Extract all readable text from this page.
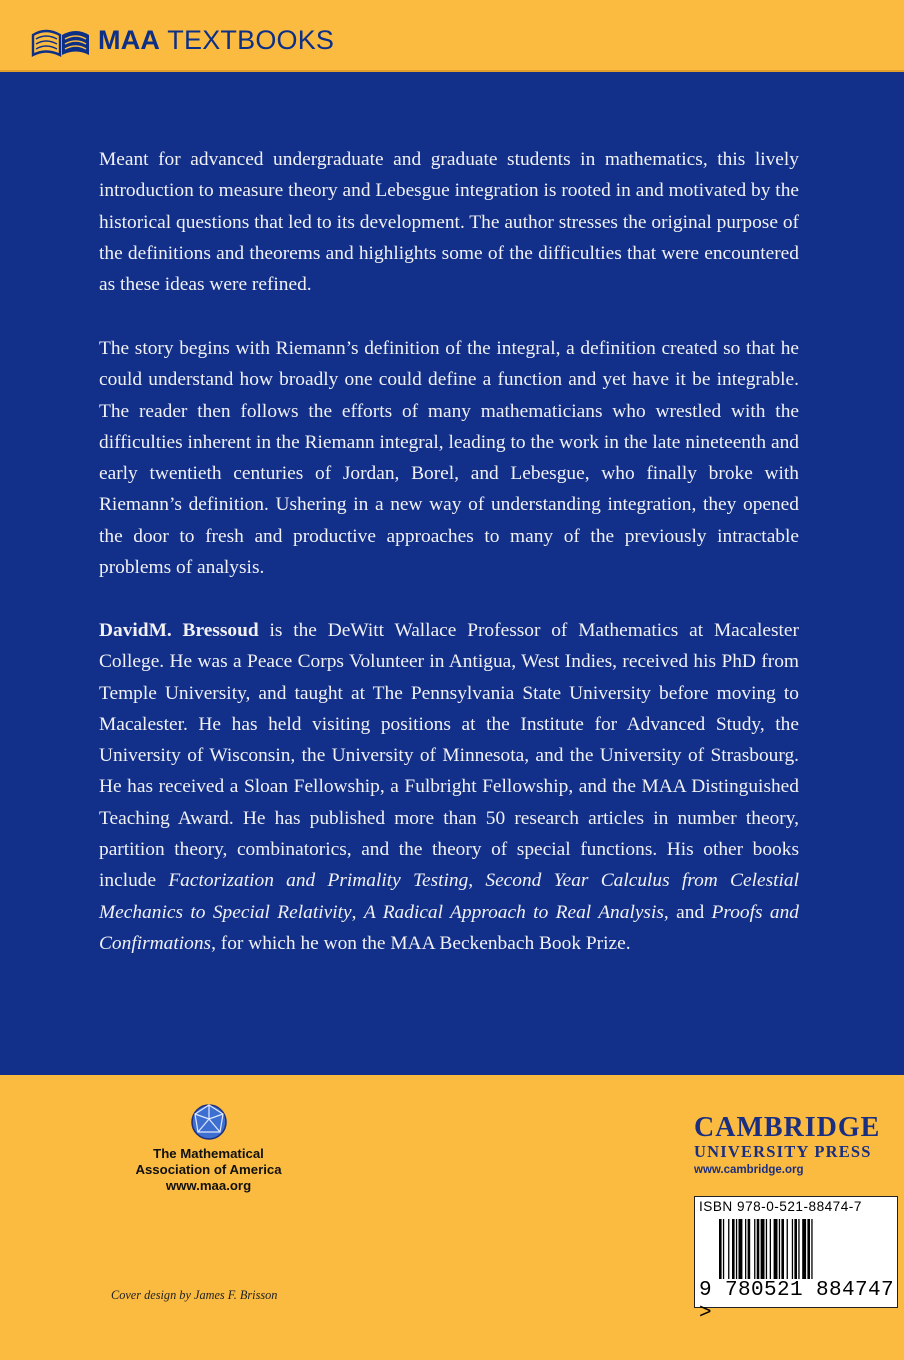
MAA TEXTBOOKS

Meant for advanced undergraduate and graduate students in mathematics, this lively introduction to measure theory and Lebesgue integration is rooted in and motivated by the historical questions that led to its development. The author stresses the original purpose of the definitions and theorems and highlights some of the difficulties that were encountered as these ideas were refined.

The story begins with Riemann’s definition of the integral, a definition created so that he could understand how broadly one could define a function and yet have it be integrable. The reader then follows the efforts of many mathematicians who wrestled with the difficulties inherent in the Riemann integral, leading to the work in the late nineteenth and early twentieth centuries of Jordan, Borel, and Lebesgue, who finally broke with Riemann’s definition. Ushering in a new way of understanding integration, they opened the door to fresh and productive approaches to many of the previously intractable problems of analysis.

DavidM. Bressoud is the DeWitt Wallace Professor of Mathematics at Macalester College. He was a Peace Corps Volunteer in Antigua, West Indies, received his PhD from Temple University, and taught at The Pennsylvania State University before moving to Macalester. He has held visiting positions at the Institute for Advanced Study, the University of Wisconsin, the University of Minnesota, and the University of Strasbourg. He has received a Sloan Fellowship, a Fulbright Fellowship, and the MAA Distinguished Teaching Award. He has published more than 50 research articles in number theory, partition theory, combinatorics, and the theory of special functions. His other books include Factorization and Primality Testing, Second Year Calculus from Celestial Mechanics to Special Relativity, A Radical Approach to Real Analysis, and Proofs and Confirmations, for which he won the MAA Beckenbach Book Prize.

The Mathematical
Association of America
www.maa.org
CAMBRIDGE
UNIVERSITY PRESS
www.cambridge.org
ISBN 978-0-521-88474-7
9 780521 884747 >
Cover design by James F. Brisson
